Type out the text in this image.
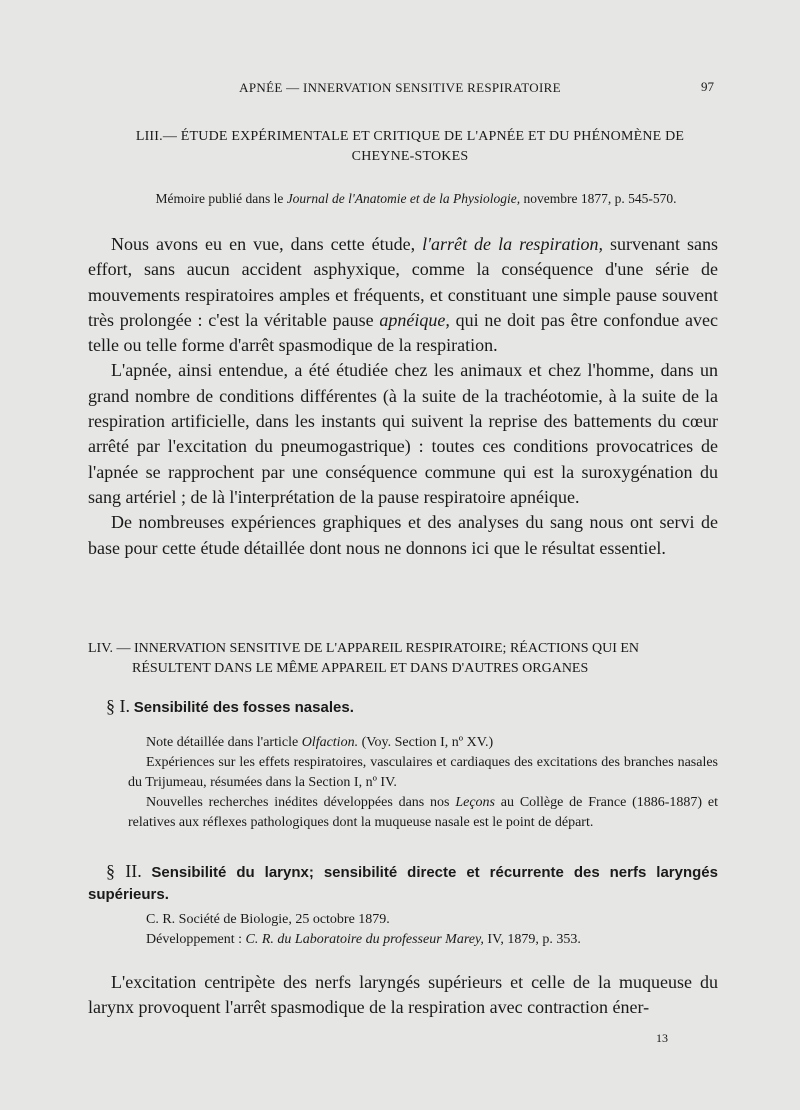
APNÉE — INNERVATION SENSITIVE RESPIRATOIRE	97
LIII.— ÉTUDE EXPÉRIMENTALE ET CRITIQUE DE L'APNÉE ET DU PHÉNOMÈNE DE
CHEYNE-STOKES
Mémoire publié dans le Journal de l'Anatomie et de la Physiologie, novembre 1877, p. 545-570.

Nous avons eu en vue, dans cette étude, l'arrêt de la respiration, survenant sans effort, sans aucun accident asphyxique, comme la conséquence d'une série de mouvements respiratoires amples et fréquents, et constituant une simple pause souvent très prolongée : c'est la véritable pause apnéique, qui ne doit pas être confondue avec telle ou telle forme d'arrêt spasmodique de la respiration.

L'apnée, ainsi entendue, a été étudiée chez les animaux et chez l'homme, dans un grand nombre de conditions différentes (à la suite de la trachéotomie, à la suite de la respiration artificielle, dans les instants qui suivent la reprise des battements du cœur arrêté par l'excitation du pneumogastrique) : toutes ces conditions provocatrices de l'apnée se rapprochent par une conséquence commune qui est la suroxygénation du sang artériel ; de là l'interprétation de la pause respiratoire apnéique.

De nombreuses expériences graphiques et des analyses du sang nous ont servi de base pour cette étude détaillée dont nous ne donnons ici que le résultat essentiel.

LIV. — INNERVATION SENSITIVE DE L'APPAREIL RESPIRATOIRE; RÉACTIONS QUI EN
RÉSULTENT DANS LE MÊME APPAREIL ET DANS D'AUTRES ORGANES
§ I. Sensibilité des fosses nasales.

Note détaillée dans l'article Olfaction. (Voy. Section I, nº XV.)

Expériences sur les effets respiratoires, vasculaires et cardiaques des excitations des branches nasales du Trijumeau, résumées dans la Section I, nº IV.

Nouvelles recherches inédites développées dans nos Leçons au Collège de France (1886-1887) et relatives aux réflexes pathologiques dont la muqueuse nasale est le point de départ.

§ II. Sensibilité du larynx; sensibilité directe et récurrente des nerfs laryngés supérieurs.

C. R. Société de Biologie, 25 octobre 1879.

Développement : C. R. du Laboratoire du professeur Marey, IV, 1879, p. 353.

L'excitation centripète des nerfs laryngés supérieurs et celle de la muqueuse du larynx provoquent l'arrêt spasmodique de la respiration avec contraction éner-

13
